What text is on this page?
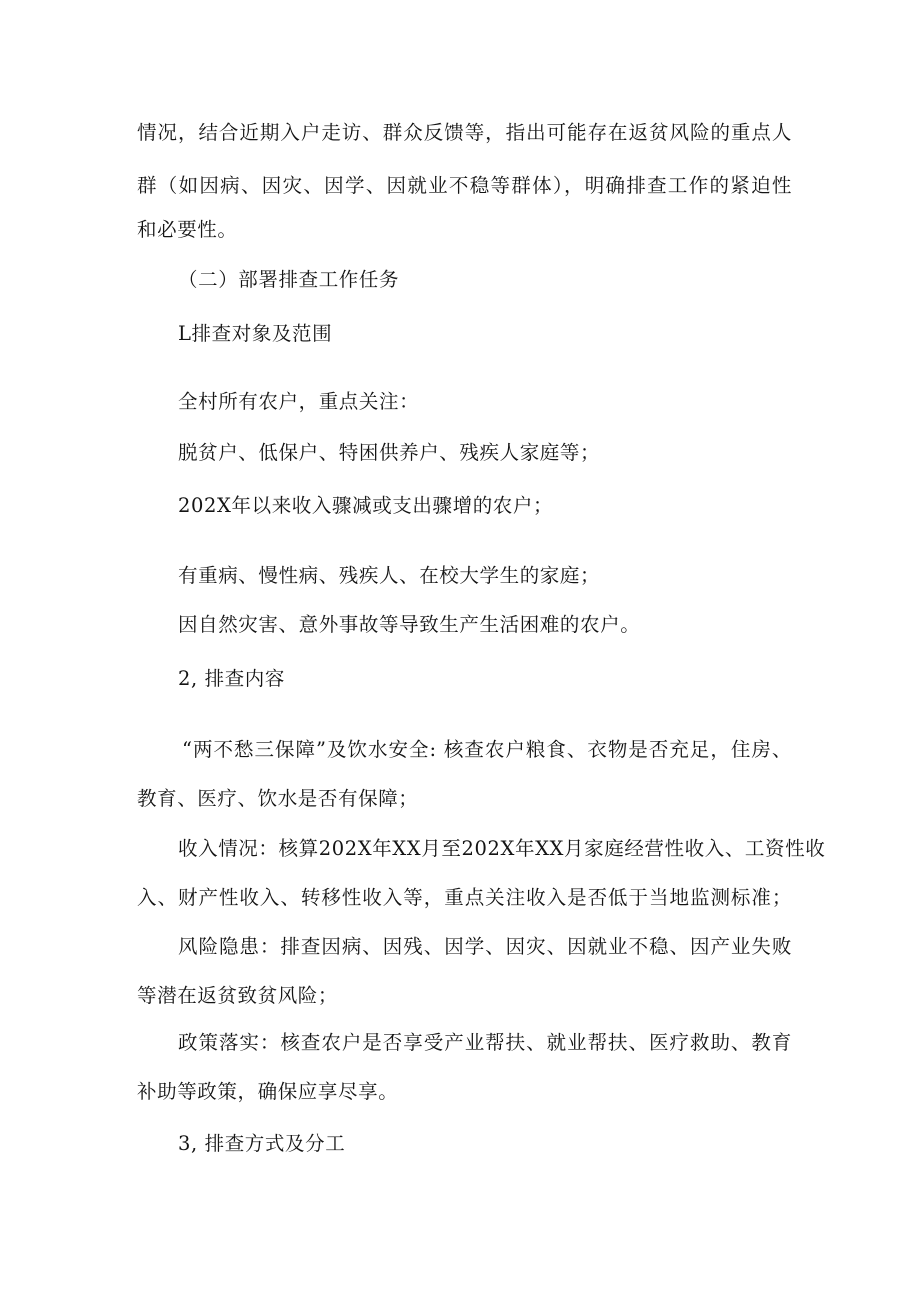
情况，结合近期入户走访、群众反馈等，指出可能存在返贫风险的重点人
群（如因病、因灾、因学、因就业不稳等群体），明确排查工作的紧迫性
和必要性。
（二）部署排查工作任务
L排查对象及范围
全村所有农户，重点关注：
脱贫户、低保户、特困供养户、残疾人家庭等；
202X年以来收入骤减或支出骤增的农户；
有重病、慢性病、残疾人、在校大学生的家庭；
因自然灾害、意外事故等导致生产生活困难的农户。
2, 排查内容
“两不愁三保障”及饮水安全: 核查农户粮食、衣物是否充足，住房、
教育、医疗、饮水是否有保障；
收入情况：核算202X年XX月至202X年XX月家庭经营性收入、工资性收
入、财产性收入、转移性收入等，重点关注收入是否低于当地监测标准；
风险隐患：排查因病、因残、因学、因灾、因就业不稳、因产业失败
等潜在返贫致贫风险；
政策落实：核查农户是否享受产业帮扶、就业帮扶、医疗救助、教育
补助等政策，确保应享尽享。
3, 排查方式及分工
